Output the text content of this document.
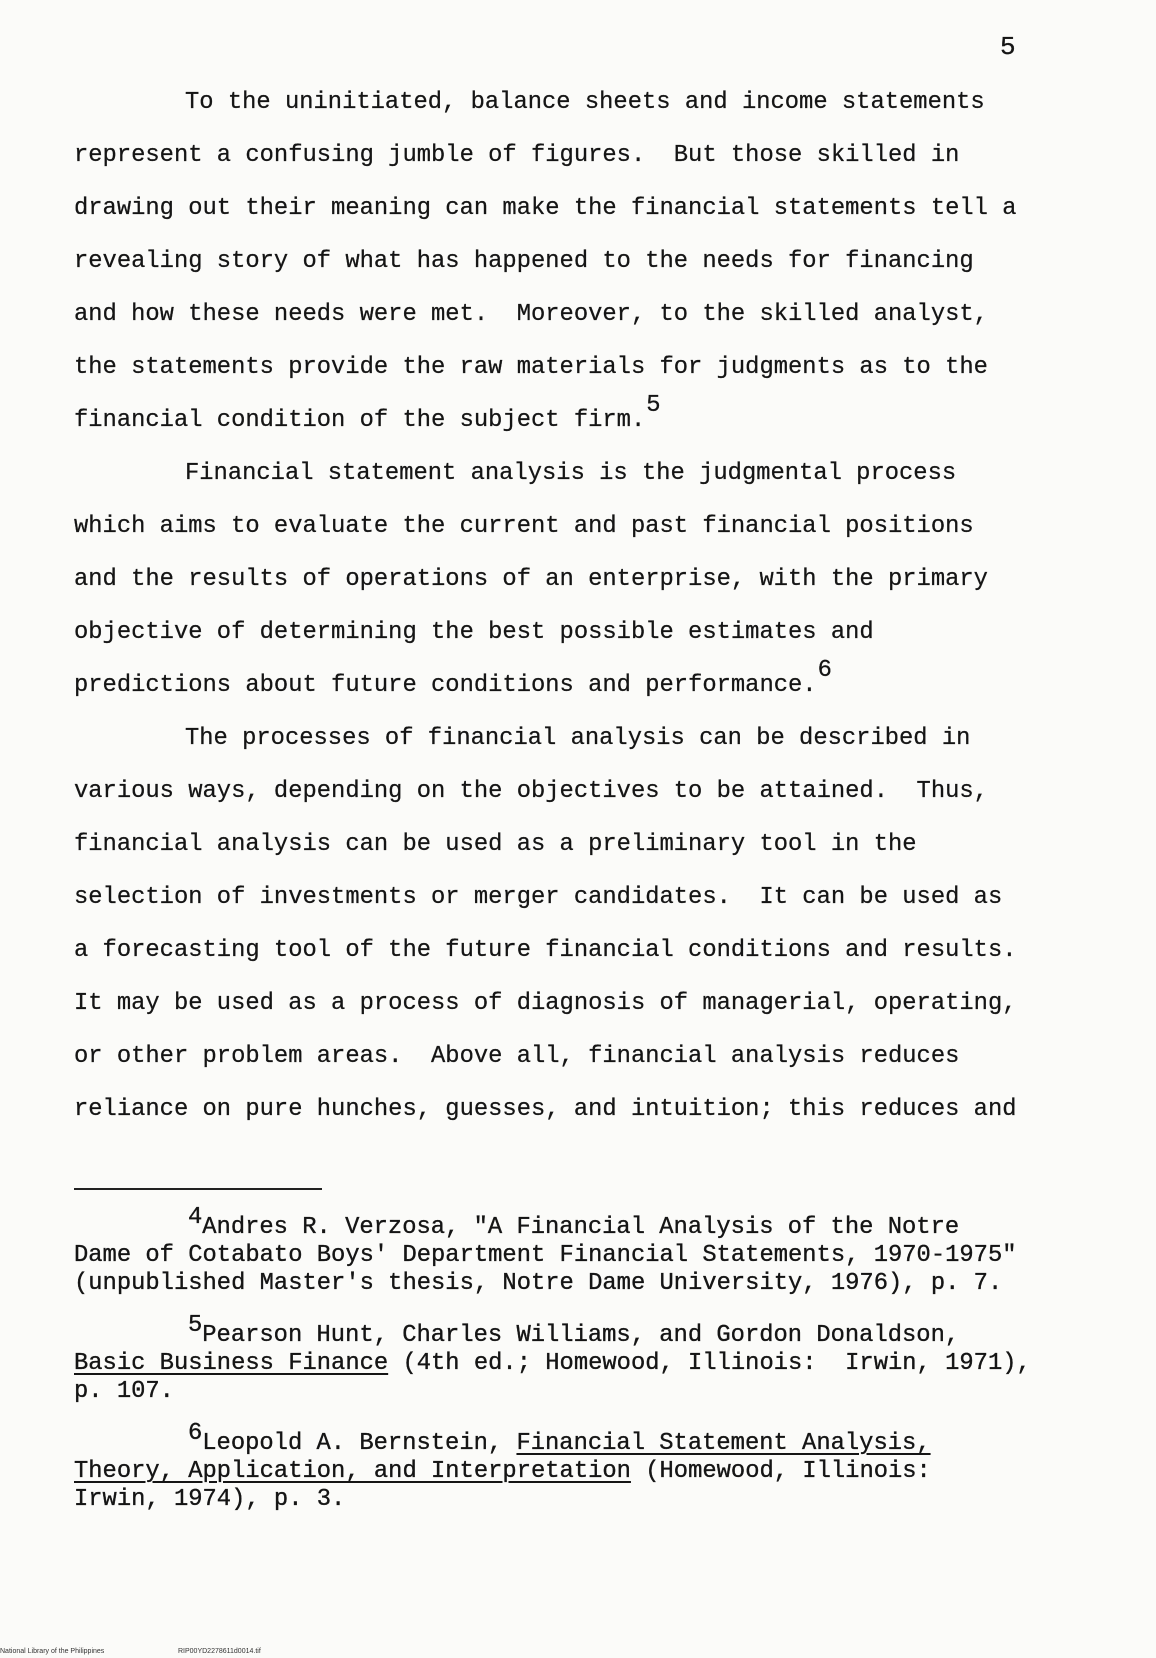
5
To the uninitiated, balance sheets and income statements
represent a confusing jumble of figures.  But those skilled in
drawing out their meaning can make the financial statements tell a
revealing story of what has happened to the needs for financing
and how these needs were met.  Moreover, to the skilled analyst,
the statements provide the raw materials for judgments as to the
financial condition of the subject firm.5
Financial statement analysis is the judgmental process
which aims to evaluate the current and past financial positions
and the results of operations of an enterprise, with the primary
objective of determining the best possible estimates and
predictions about future conditions and performance.6
The processes of financial analysis can be described in
various ways, depending on the objectives to be attained.  Thus,
financial analysis can be used as a preliminary tool in the
selection of investments or merger candidates.  It can be used as
a forecasting tool of the future financial conditions and results.
It may be used as a process of diagnosis of managerial, operating,
or other problem areas.  Above all, financial analysis reduces
reliance on pure hunches, guesses, and intuition; this reduces and
4Andres R. Verzosa, "A Financial Analysis of the Notre
Dame of Cotabato Boys' Department Financial Statements, 1970-1975"
(unpublished Master's thesis, Notre Dame University, 1976), p. 7.
5Pearson Hunt, Charles Williams, and Gordon Donaldson,
Basic Business Finance (4th ed.; Homewood, Illinois:  Irwin, 1971),
p. 107.
6Leopold A. Bernstein, Financial Statement Analysis,
Theory, Application, and Interpretation (Homewood, Illinois:
Irwin, 1974), p. 3.
National Library of the Philippines	RIP00YD2278611d0014.tif
